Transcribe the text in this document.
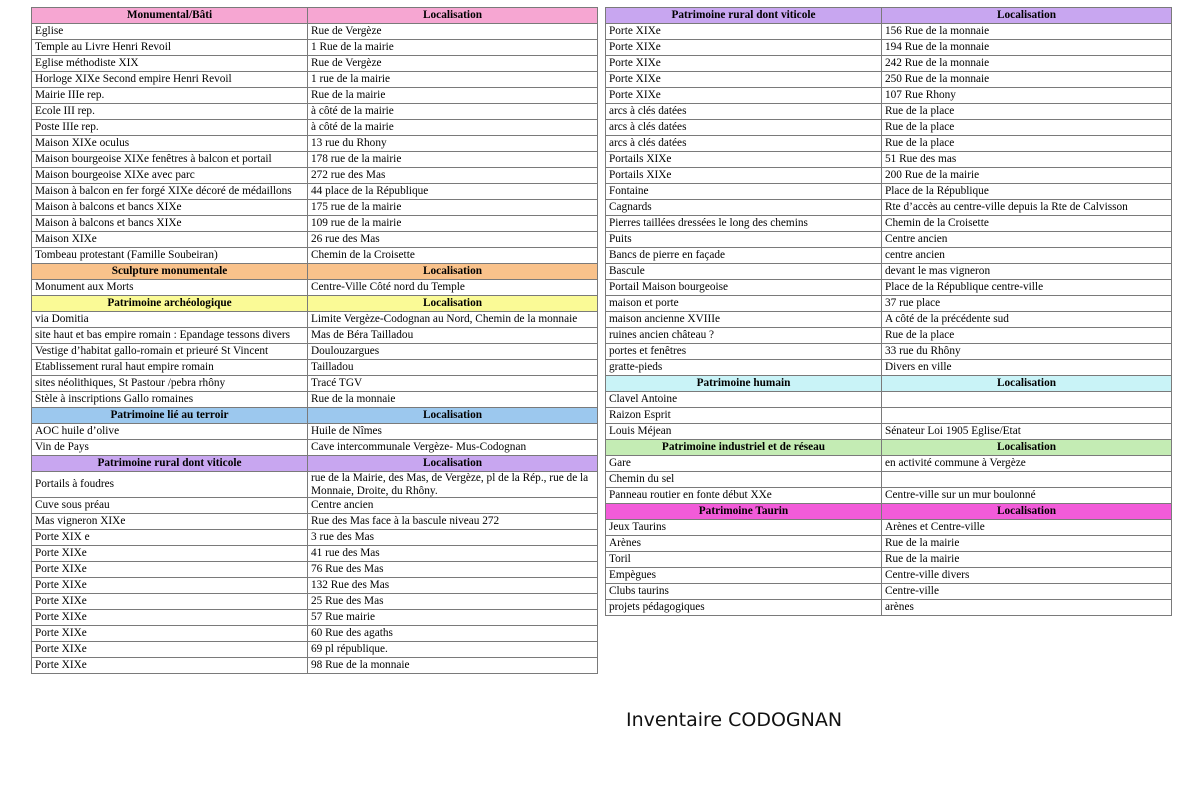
Monumental/Bâti	Localisation
Eglise	Rue de Vergèze
Temple au Livre Henri Revoil	1 Rue de la mairie
Eglise méthodiste XIX	Rue de Vergèze
Horloge XIXe Second empire Henri Revoil	1 rue de la mairie
Mairie IIIe rep.	Rue de la mairie
Ecole III rep.	à côté de la mairie
Poste IIIe rep.	à côté de la mairie
Maison XIXe oculus	13 rue du Rhony
Maison bourgeoise XIXe fenêtres à balcon et portail	178 rue de la mairie
Maison bourgeoise XIXe avec parc	272 rue des Mas
Maison à balcon en fer forgé XIXe décoré de médaillons	44 place de la République
Maison à balcons et bancs XIXe	175 rue de la mairie
Maison à balcons et bancs XIXe	109 rue de la mairie
Maison XIXe	26 rue des Mas
Tombeau protestant (Famille Soubeiran)	Chemin de la Croisette
Sculpture monumentale	Localisation
Monument aux Morts	Centre-Ville Côté nord du Temple
Patrimoine archéologique	Localisation
via Domitia	Limite Vergèze-Codognan au Nord, Chemin de la monnaie
site haut et bas empire romain : Epandage tessons divers	Mas de Béra Tailladou
Vestige d’habitat gallo-romain et prieuré St Vincent	Doulouzargues
Etablissement rural haut empire romain	Tailladou
sites néolithiques, St Pastour /pebra rhôny	Tracé TGV
Stèle à inscriptions Gallo romaines	Rue de la monnaie
Patrimoine lié au terroir	Localisation
AOC huile d’olive	Huile de Nîmes
Vin de Pays	Cave intercommunale Vergèze- Mus-Codognan
Patrimoine rural dont viticole	Localisation
Portails à foudres	rue de la Mairie, des Mas, de Vergèze, pl de la Rép., rue de la Monnaie, Droite, du Rhôny.
Cuve sous préau	Centre ancien
Mas vigneron XIXe	Rue des Mas face à la bascule niveau 272
Porte XIX e	3 rue des Mas
Porte XIXe	41 rue des Mas
Porte XIXe	76 Rue des Mas
Porte XIXe	132 Rue des Mas
Porte XIXe	25 Rue des Mas
Porte XIXe	57 Rue mairie
Porte XIXe	60 Rue des agaths
Porte XIXe	69 pl république.
Porte XIXe	98 Rue de la monnaie
Patrimoine rural dont viticole	Localisation
Porte XIXe	156 Rue de la monnaie
Porte XIXe	194 Rue de la monnaie
Porte XIXe	242 Rue de la monnaie
Porte XIXe	250 Rue de la monnaie
Porte XIXe	107 Rue Rhony
arcs à clés datées	Rue de la place
arcs à clés datées	Rue de la place
arcs à clés datées	Rue de la place
Portails XIXe	51 Rue des mas
Portails XIXe	200 Rue de la mairie
Fontaine	Place de la République
Cagnards	Rte d’accès au centre-ville depuis la Rte de Calvisson
Pierres taillées dressées le long des chemins	Chemin de la Croisette
Puits	Centre ancien
Bancs de pierre en façade	centre ancien
Bascule	devant le mas vigneron
Portail Maison bourgeoise	Place de la République centre-ville
maison et porte	37 rue place
maison ancienne XVIIIe	A côté de la précédente sud
ruines ancien château ?	Rue de la place
portes et fenêtres	33 rue du Rhôny
gratte-pieds	Divers en ville
Patrimoine humain	Localisation
Clavel Antoine	
Raizon Esprit	
Louis Méjean	Sénateur Loi 1905 Eglise/Etat
Patrimoine industriel et de réseau	Localisation
Gare	en activité commune à Vergèze
Chemin du sel	
Panneau routier en fonte début XXe	Centre-ville sur un mur boulonné
Patrimoine Taurin	Localisation
Jeux Taurins	Arènes et Centre-ville
Arènes	Rue de la mairie
Toril	Rue de la mairie
Empègues	Centre-ville divers
Clubs taurins	Centre-ville
projets pédagogiques	arènes
Inventaire CODOGNAN
